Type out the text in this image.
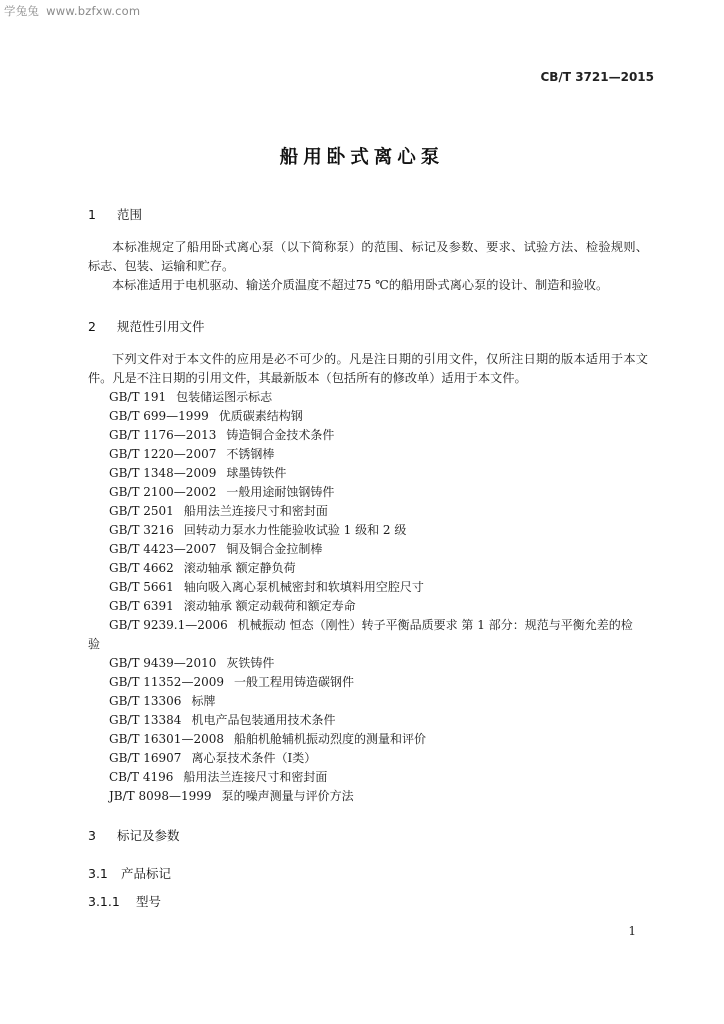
学兔兔 www.bzfxw.com
CB/T 3721—2015
船用卧式离心泵
1 范围
本标准规定了船用卧式离心泵（以下简称泵）的范围、标记及参数、要求、试验方法、检验规则、标志、包装、运输和贮存。
本标准适用于电机驱动、输送介质温度不超过75 ℃的船用卧式离心泵的设计、制造和验收。
2 规范性引用文件
下列文件对于本文件的应用是必不可少的。凡是注日期的引用文件，仅所注日期的版本适用于本文件。凡是不注日期的引用文件，其最新版本（包括所有的修改单）适用于本文件。
GB/T 191 包装储运图示标志
GB/T 699—1999 优质碳素结构钢
GB/T 1176—2013 铸造铜合金技术条件
GB/T 1220—2007 不锈钢棒
GB/T 1348—2009 球墨铸铁件
GB/T 2100—2002 一般用途耐蚀钢铸件
GB/T 2501 船用法兰连接尺寸和密封面
GB/T 3216 回转动力泵水力性能验收试验 1 级和 2 级
GB/T 4423—2007 铜及铜合金拉制棒
GB/T 4662 滚动轴承 额定静负荷
GB/T 5661 轴向吸入离心泵机械密封和软填料用空腔尺寸
GB/T 6391 滚动轴承 额定动载荷和额定寿命
GB/T 9239.1—2006 机械振动 恒态（刚性）转子平衡品质要求 第 1 部分：规范与平衡允差的检
验
GB/T 9439—2010 灰铁铸件
GB/T 11352—2009 一般工程用铸造碳钢件
GB/T 13306 标牌
GB/T 13384 机电产品包装通用技术条件
GB/T 16301—2008 船舶机舱辅机振动烈度的测量和评价
GB/T 16907 离心泵技术条件（Ⅰ类）
CB/T 4196 船用法兰连接尺寸和密封面
JB/T 8098—1999 泵的噪声测量与评价方法
3 标记及参数
3.1 产品标记
3.1.1 型号
1
